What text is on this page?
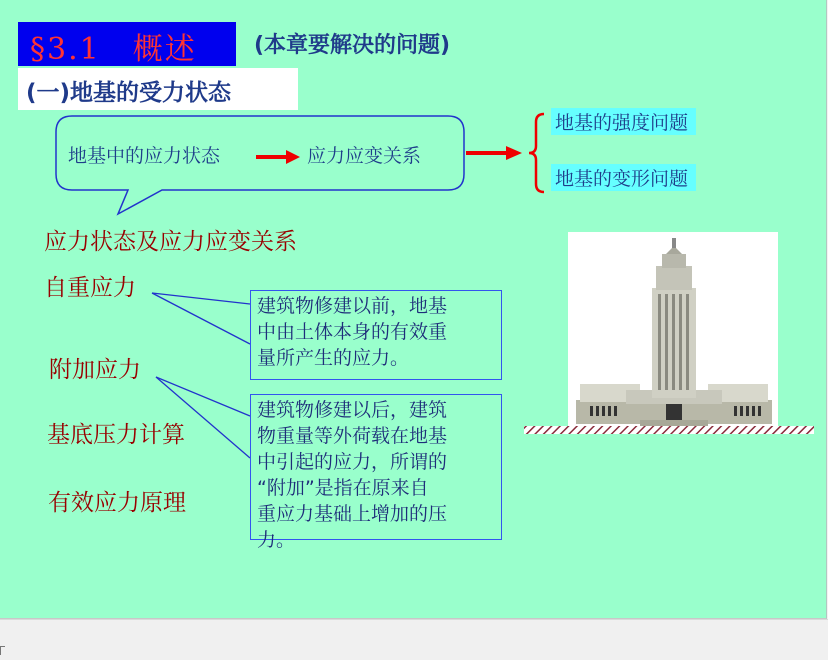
§3.1　概述	(本章要解决的问题)
(一)地基的受力状态
地基中的应力状态	应力应变关系
地基的强度问题
地基的变形问题
应力状态及应力应变关系
自重应力
附加应力
基底压力计算
有效应力原理
建筑物修建以前，地基
中由土体本身的有效重
量所产生的应力。
建筑物修建以后，建筑
物重量等外荷载在地基
中引起的应力，所谓的
“附加”是指在原来自
重应力基础上增加的压
力。
